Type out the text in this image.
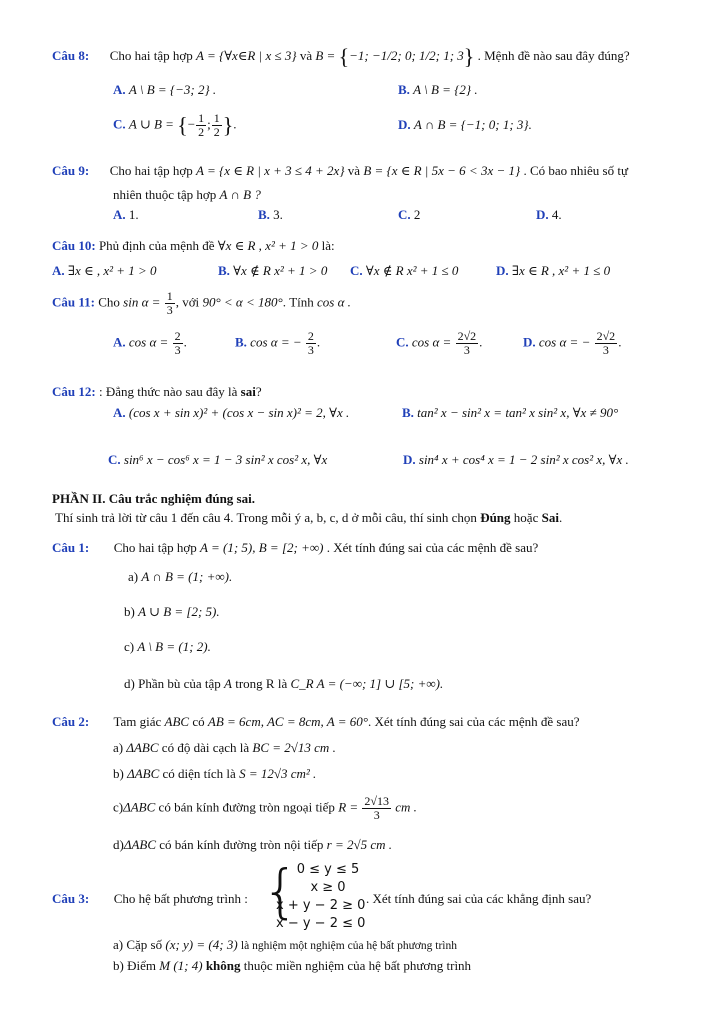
Câu 8: Cho hai tập hợp A = {∀x∈R | x ≤ 3} và B = {−1; −1/2; 0; 1/2; 1; 3} . Mệnh đề nào sau đây đúng?
A. A \ B = {−3; 2} .	B. A \ B = {2} .
C. A ∪ B = {− $\frac{1}{2}$ ; $\frac{1}{2}$ }.	D. A ∩ B = {−1; 0; 1; 3}.
Câu 9: Cho hai tập hợp A = {x ∈ R | x + 3 ≤ 4 + 2x} và B = {x ∈ R | 5x − 6 < 3x − 1} . Có bao nhiêu số tự
nhiên thuộc tập hợp A ∩ B ?
A. 1.	B. 3.	C. 2	D. 4.
Câu 10: Phủ định của mệnh đề ∀x ∈ R , x² + 1 > 0 là:
A. ∃x ∈ , x² + 1 > 0	B. ∀x ∉ R x² + 1 > 0 C. ∀x ∉ R x² + 1 ≤ 0	D. ∃x ∈ R , x² + 1 ≤ 0
Câu 11: Cho $\sin \alpha = \frac{1}{3}$ , với 90° < α < 180°. Tính cos α .
A. $\cos \alpha = \frac{2}{3}$ .	B. cos α = − $\frac{2}{3}$ .	C. $\cos \alpha = \frac{2√2}{3}$ .	D. cos α = − $\frac{2√2}{3}$ .
Câu 12: : Đẳng thức nào sau đây là sai?
A. (cos x + sin x)² + (cos x − sin x)² = 2, ∀x .	B. tan² x − sin² x = tan² x sin² x, ∀x ≠ 90°
C. sin⁶ x − cos⁶ x = 1 − 3 sin² x cos² x, ∀x	D. sin⁴ x + cos⁴ x = 1 − 2 sin² x cos² x, ∀x .
PHẦN II. Câu trắc nghiệm đúng sai.
Thí sinh trả lời từ câu 1 đến câu 4. Trong mỗi ý a, b, c, d ở mỗi câu, thí sinh chọn Đúng hoặc Sai.
Câu 1: Cho hai tập hợp A = (1; 5), B = [2; +∞) . Xét tính đúng sai của các mệnh đề sau?
a) A ∩ B = (1; +∞).
b) A ∪ B = [2; 5).
c) A \ B = (1; 2).
d) Phần bù của tập A trong R là C_R A = (−∞; 1] ∪ [5; +∞).
Câu 2: Tam giác ABC có AB = 6cm, AC = 8cm, A = 60°. Xét tính đúng sai của các mệnh đề sau?
a) ΔABC có độ dài cạch là BC = 2√13 cm .
b) ΔABC có diện tích là S = 12√3 cm² .
c)ΔABC có bán kính đường tròn ngoại tiếp $R = \frac{2√13}{3}$ cm .
d)ΔABC có bán kính đường tròn nội tiếp r = 2√5 cm .
Câu 3: Cho hệ bất phương trình : {
0 ≤ y ≤ 5
x ≥ 0
x + y − 2 ≥ 0
x − y − 2 ≤ 0
. Xét tính đúng sai của các khẳng định sau?
a) Cặp số (x; y) = (4; 3) là nghiệm một nghiệm của hệ bất phương trình
b) Điểm M (1; 4) không thuộc miền nghiệm của hệ bất phương trình
